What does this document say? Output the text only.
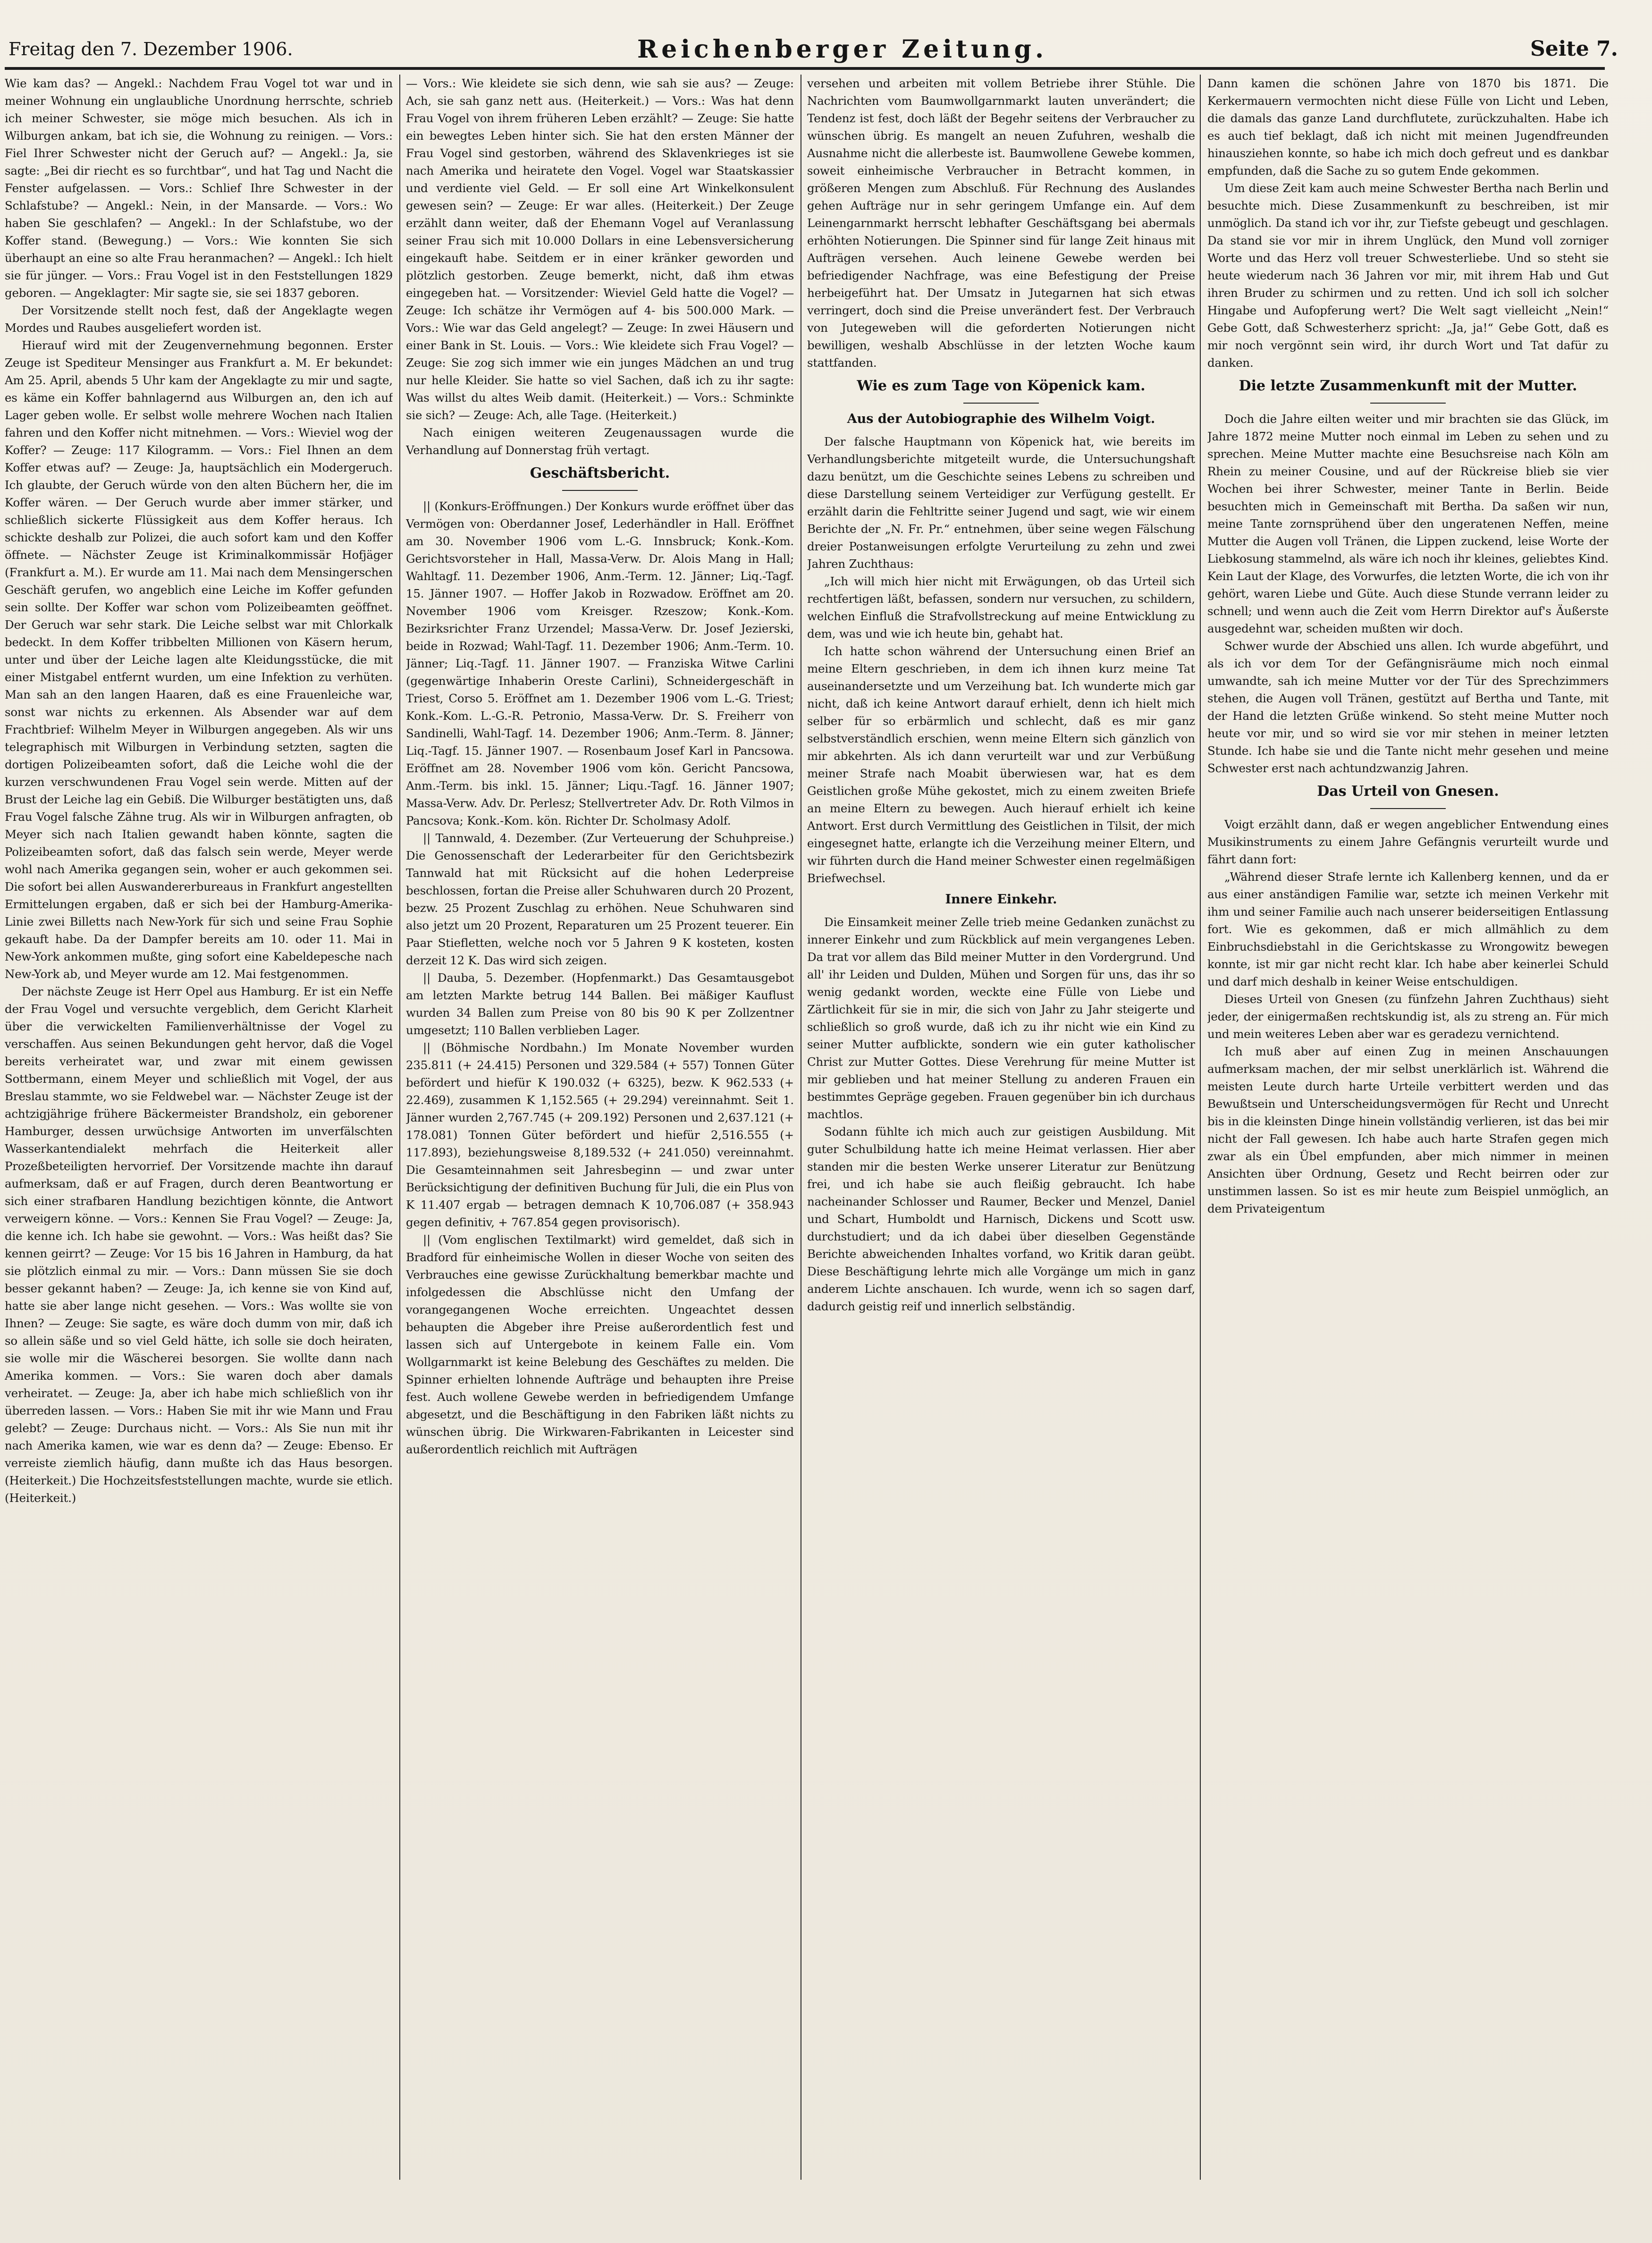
Freitag den 7. Dezember 1906.	Reichenberger Zeitung.	Seite 7.

Wie kam das? — Angekl.: Nachdem Frau Vogel tot war und in meiner Wohnung ein unglaubliche Unordnung herrschte, schrieb ich meiner Schwester, sie möge mich besuchen. Als ich in Wilburgen ankam, bat ich sie, die Wohnung zu reinigen. — Vors.: Fiel Ihrer Schwester nicht der Geruch auf? — Angekl.: Ja, sie sagte: „Bei dir riecht es so furchtbar“, und hat Tag und Nacht die Fenster aufgelassen. — Vors.: Schlief Ihre Schwester in der Schlafstube? — Angekl.: Nein, in der Mansarde. — Vors.: Wo haben Sie geschlafen? — Angekl.: In der Schlafstube, wo der Koffer stand. (Bewegung.) — Vors.: Wie konnten Sie sich überhaupt an eine so alte Frau heranmachen? — Angekl.: Ich hielt sie für jünger. — Vors.: Frau Vogel ist in den Feststellungen 1829 geboren. — Angeklagter: Mir sagte sie, sie sei 1837 geboren.

Der Vorsitzende stellt noch fest, daß der Angeklagte wegen Mordes und Raubes ausgeliefert worden ist.

Hierauf wird mit der Zeugenvernehmung begonnen. Erster Zeuge ist Spediteur Mensinger aus Frankfurt a. M. Er bekundet: Am 25. April, abends 5 Uhr kam der Angeklagte zu mir und sagte, es käme ein Koffer bahnlagernd aus Wilburgen an, den ich auf Lager geben wolle. Er selbst wolle mehrere Wochen nach Italien fahren und den Koffer nicht mitnehmen. — Vors.: Wieviel wog der Koffer? — Zeuge: 117 Kilogramm. — Vors.: Fiel Ihnen an dem Koffer etwas auf? — Zeuge: Ja, hauptsächlich ein Modergeruch. Ich glaubte, der Geruch würde von den alten Büchern her, die im Koffer wären. — Der Geruch wurde aber immer stärker, und schließlich sickerte Flüssigkeit aus dem Koffer heraus. Ich schickte deshalb zur Polizei, die auch sofort kam und den Koffer öffnete. — Nächster Zeuge ist Kriminalkommissär Hofjäger (Frankfurt a. M.). Er wurde am 11. Mai nach dem Mensingerschen Geschäft gerufen, wo angeblich eine Leiche im Koffer gefunden sein sollte. Der Koffer war schon vom Polizeibeamten geöffnet. Der Geruch war sehr stark. Die Leiche selbst war mit Chlorkalk bedeckt. In dem Koffer tribbelten Millionen von Käsern herum, unter und über der Leiche lagen alte Kleidungsstücke, die mit einer Mistgabel entfernt wurden, um eine Infektion zu verhüten. Man sah an den langen Haaren, daß es eine Frauenleiche war, sonst war nichts zu erkennen. Als Absender war auf dem Frachtbrief: Wilhelm Meyer in Wilburgen angegeben. Als wir uns telegraphisch mit Wilburgen in Verbindung setzten, sagten die dortigen Polizeibeamten sofort, daß die Leiche wohl die der kurzen verschwundenen Frau Vogel sein werde. Mitten auf der Brust der Leiche lag ein Gebiß. Die Wilburger bestätigten uns, daß Frau Vogel falsche Zähne trug. Als wir in Wilburgen anfragten, ob Meyer sich nach Italien gewandt haben könnte, sagten die Polizeibeamten sofort, daß das falsch sein werde, Meyer werde wohl nach Amerika gegangen sein, woher er auch gekommen sei. Die sofort bei allen Auswandererbureaus in Frankfurt angestellten Ermittelungen ergaben, daß er sich bei der Hamburg-Amerika-Linie zwei Billetts nach New-York für sich und seine Frau Sophie gekauft habe. Da der Dampfer bereits am 10. oder 11. Mai in New-York ankommen mußte, ging sofort eine Kabeldepesche nach New-York ab, und Meyer wurde am 12. Mai festgenommen.

Der nächste Zeuge ist Herr Opel aus Hamburg. Er ist ein Neffe der Frau Vogel und versuchte vergeblich, dem Gericht Klarheit über die verwickelten Familienverhältnisse der Vogel zu verschaffen. Aus seinen Bekundungen geht hervor, daß die Vogel bereits verheiratet war, und zwar mit einem gewissen Sottbermann, einem Meyer und schließlich mit Vogel, der aus Breslau stammte, wo sie Feldwebel war. — Nächster Zeuge ist der achtzigjährige frühere Bäckermeister Brandsholz, ein geborener Hamburger, dessen urwüchsige Antworten im unverfälschten Wasserkantendialekt mehrfach die Heiterkeit aller Prozeßbeteiligten hervorrief. Der Vorsitzende machte ihn darauf aufmerksam, daß er auf Fragen, durch deren Beantwortung er sich einer strafbaren Handlung bezichtigen könnte, die Antwort verweigern könne. — Vors.: Kennen Sie Frau Vogel? — Zeuge: Ja, die kenne ich. Ich habe sie gewohnt. — Vors.: Was heißt das? Sie kennen geirrt? — Zeuge: Vor 15 bis 16 Jahren in Hamburg, da hat sie plötzlich einmal zu mir. — Vors.: Dann müssen Sie sie doch besser gekannt haben? — Zeuge: Ja, ich kenne sie von Kind auf, hatte sie aber lange nicht gesehen. — Vors.: Was wollte sie von Ihnen? — Zeuge: Sie sagte, es wäre doch dumm von mir, daß ich so allein säße und so viel Geld hätte, ich solle sie doch heiraten, sie wolle mir die Wäscherei besorgen. Sie wollte dann nach Amerika kommen. — Vors.: Sie waren doch aber damals verheiratet. — Zeuge: Ja, aber ich habe mich schließlich von ihr überreden lassen. — Vors.: Haben Sie mit ihr wie Mann und Frau gelebt? — Zeuge: Durchaus nicht. — Vors.: Als Sie nun mit ihr nach Amerika kamen, wie war es denn da? — Zeuge: Ebenso. Er verreiste ziemlich häufig, dann mußte ich das Haus besorgen. (Heiterkeit.) Die Hochzeitsfeststellungen machte, wurde sie etlich. (Heiterkeit.)

— Vors.: Wie kleidete sie sich denn, wie sah sie aus? — Zeuge: Ach, sie sah ganz nett aus. (Heiterkeit.) — Vors.: Was hat denn Frau Vogel von ihrem früheren Leben erzählt? — Zeuge: Sie hatte ein bewegtes Leben hinter sich. Sie hat den ersten Männer der Frau Vogel sind gestorben, während des Sklavenkrieges ist sie nach Amerika und heiratete den Vogel. Vogel war Staatskassier und verdiente viel Geld. — Er soll eine Art Winkelkonsulent gewesen sein? — Zeuge: Er war alles. (Heiterkeit.) Der Zeuge erzählt dann weiter, daß der Ehemann Vogel auf Veranlassung seiner Frau sich mit 10.000 Dollars in eine Lebensversicherung eingekauft habe. Seitdem er in einer kränker geworden und plötzlich gestorben. Zeuge bemerkt, nicht, daß ihm etwas eingegeben hat. — Vorsitzender: Wieviel Geld hatte die Vogel? — Zeuge: Ich schätze ihr Vermögen auf 4- bis 500.000 Mark. — Vors.: Wie war das Geld angelegt? — Zeuge: In zwei Häusern und einer Bank in St. Louis. — Vors.: Wie kleidete sich Frau Vogel? — Zeuge: Sie zog sich immer wie ein junges Mädchen an und trug nur helle Kleider. Sie hatte so viel Sachen, daß ich zu ihr sagte: Was willst du altes Weib damit. (Heiterkeit.) — Vors.: Schminkte sie sich? — Zeuge: Ach, alle Tage. (Heiterkeit.)

Nach einigen weiteren Zeugenaussagen wurde die Verhandlung auf Donnerstag früh vertagt.

Geschäftsbericht.

|| (Konkurs-Eröffnungen.) Der Konkurs wurde eröffnet über das Vermögen von: Oberdanner Josef, Lederhändler in Hall. Eröffnet am 30. November 1906 vom L.-G. Innsbruck; Konk.-Kom. Gerichtsvorsteher in Hall, Massa-Verw. Dr. Alois Mang in Hall; Wahltagf. 11. Dezember 1906, Anm.-Term. 12. Jänner; Liq.-Tagf. 15. Jänner 1907. — Hoffer Jakob in Rozwadow. Eröffnet am 20. November 1906 vom Kreisger. Rzeszow; Konk.-Kom. Bezirksrichter Franz Urzendel; Massa-Verw. Dr. Josef Jezierski, beide in Rozwad; Wahl-Tagf. 11. Dezember 1906; Anm.-Term. 10. Jänner; Liq.-Tagf. 11. Jänner 1907. — Franziska Witwe Carlini (gegenwärtige Inhaberin Oreste Carlini), Schneidergeschäft in Triest, Corso 5. Eröffnet am 1. Dezember 1906 vom L.-G. Triest; Konk.-Kom. L.-G.-R. Petronio, Massa-Verw. Dr. S. Freiherr von Sandinelli, Wahl-Tagf. 14. Dezember 1906; Anm.-Term. 8. Jänner; Liq.-Tagf. 15. Jänner 1907. — Rosenbaum Josef Karl in Pancsowa. Eröffnet am 28. November 1906 vom kön. Gericht Pancsowa, Anm.-Term. bis inkl. 15. Jänner; Liqu.-Tagf. 16. Jänner 1907; Massa-Verw. Adv. Dr. Perlesz; Stellvertreter Adv. Dr. Roth Vilmos in Pancsova; Konk.-Kom. kön. Richter Dr. Scholmasy Adolf.

|| Tannwald, 4. Dezember. (Zur Verteuerung der Schuhpreise.) Die Genossenschaft der Lederarbeiter für den Gerichtsbezirk Tannwald hat mit Rücksicht auf die hohen Lederpreise beschlossen, fortan die Preise aller Schuhwaren durch 20 Prozent, bezw. 25 Prozent Zuschlag zu erhöhen. Neue Schuhwaren sind also jetzt um 20 Prozent, Reparaturen um 25 Prozent teuerer. Ein Paar Stiefletten, welche noch vor 5 Jahren 9 K kosteten, kosten derzeit 12 K. Das wird sich zeigen.

|| Dauba, 5. Dezember. (Hopfenmarkt.) Das Gesamtausgebot am letzten Markte betrug 144 Ballen. Bei mäßiger Kauflust wurden 34 Ballen zum Preise von 80 bis 90 K per Zollzentner umgesetzt; 110 Ballen verblieben Lager.

|| (Böhmische Nordbahn.) Im Monate November wurden 235.811 (+ 24.415) Personen und 329.584 (+ 557) Tonnen Güter befördert und hiefür K 190.032 (+ 6325), bezw. K 962.533 (+ 22.469), zusammen K 1,152.565 (+ 29.294) vereinnahmt. Seit 1. Jänner wurden 2,767.745 (+ 209.192) Personen und 2,637.121 (+ 178.081) Tonnen Güter befördert und hiefür 2,516.555 (+ 117.893), beziehungsweise 8,189.532 (+ 241.050) vereinnahmt. Die Gesamteinnahmen seit Jahresbeginn — und zwar unter Berücksichtigung der definitiven Buchung für Juli, die ein Plus von K 11.407 ergab — betragen demnach K 10,706.087 (+ 358.943 gegen definitiv, + 767.854 gegen provisorisch).

|| (Vom englischen Textilmarkt) wird gemeldet, daß sich in Bradford für einheimische Wollen in dieser Woche von seiten des Verbrauches eine gewisse Zurückhaltung bemerkbar machte und infolgedessen die Abschlüsse nicht den Umfang der vorangegangenen Woche erreichten. Ungeachtet dessen behaupten die Abgeber ihre Preise außerordentlich fest und lassen sich auf Untergebote in keinem Falle ein. Vom Wollgarnmarkt ist keine Belebung des Geschäftes zu melden. Die Spinner erhielten lohnende Aufträge und behaupten ihre Preise fest. Auch wollene Gewebe werden in befriedigendem Umfange abgesetzt, und die Beschäftigung in den Fabriken läßt nichts zu wünschen übrig. Die Wirkwaren-Fabrikanten in Leicester sind außerordentlich reichlich mit Aufträgen

versehen und arbeiten mit vollem Betriebe ihrer Stühle. Die Nachrichten vom Baumwollgarnmarkt lauten unverändert; die Tendenz ist fest, doch läßt der Begehr seitens der Verbraucher zu wünschen übrig. Es mangelt an neuen Zufuhren, weshalb die Ausnahme nicht die allerbeste ist. Baumwollene Gewebe kommen, soweit einheimische Verbraucher in Betracht kommen, in größeren Mengen zum Abschluß. Für Rechnung des Auslandes gehen Aufträge nur in sehr geringem Umfange ein. Auf dem Leinengarnmarkt herrscht lebhafter Geschäftsgang bei abermals erhöhten Notierungen. Die Spinner sind für lange Zeit hinaus mit Aufträgen versehen. Auch leinene Gewebe werden bei befriedigender Nachfrage, was eine Befestigung der Preise herbeigeführt hat. Der Umsatz in Jutegarnen hat sich etwas verringert, doch sind die Preise unverändert fest. Der Verbrauch von Jutegeweben will die geforderten Notierungen nicht bewilligen, weshalb Abschlüsse in der letzten Woche kaum stattfanden.

Wie es zum Tage von Köpenick kam.
Aus der Autobiographie des Wilhelm Voigt.

Der falsche Hauptmann von Köpenick hat, wie bereits im Verhandlungsberichte mitgeteilt wurde, die Untersuchungshaft dazu benützt, um die Geschichte seines Lebens zu schreiben und diese Darstellung seinem Verteidiger zur Verfügung gestellt. Er erzählt darin die Fehltritte seiner Jugend und sagt, wie wir einem Berichte der „N. Fr. Pr.“ entnehmen, über seine wegen Fälschung dreier Postanweisungen erfolgte Verurteilung zu zehn und zwei Jahren Zuchthaus:

„Ich will mich hier nicht mit Erwägungen, ob das Urteil sich rechtfertigen läßt, befassen, sondern nur versuchen, zu schildern, welchen Einfluß die Strafvollstreckung auf meine Entwicklung zu dem, was und wie ich heute bin, gehabt hat.

Ich hatte schon während der Untersuchung einen Brief an meine Eltern geschrieben, in dem ich ihnen kurz meine Tat auseinandersetzte und um Verzeihung bat. Ich wunderte mich gar nicht, daß ich keine Antwort darauf erhielt, denn ich hielt mich selber für so erbärmlich und schlecht, daß es mir ganz selbstverständlich erschien, wenn meine Eltern sich gänzlich von mir abkehrten. Als ich dann verurteilt war und zur Verbüßung meiner Strafe nach Moabit überwiesen war, hat es dem Geistlichen große Mühe gekostet, mich zu einem zweiten Briefe an meine Eltern zu bewegen. Auch hierauf erhielt ich keine Antwort. Erst durch Vermittlung des Geistlichen in Tilsit, der mich eingesegnet hatte, erlangte ich die Verzeihung meiner Eltern, und wir führten durch die Hand meiner Schwester einen regelmäßigen Briefwechsel.

Innere Einkehr.

Die Einsamkeit meiner Zelle trieb meine Gedanken zunächst zu innerer Einkehr und zum Rückblick auf mein vergangenes Leben. Da trat vor allem das Bild meiner Mutter in den Vordergrund. Und all' ihr Leiden und Dulden, Mühen und Sorgen für uns, das ihr so wenig gedankt worden, weckte eine Fülle von Liebe und Zärtlichkeit für sie in mir, die sich von Jahr zu Jahr steigerte und schließlich so groß wurde, daß ich zu ihr nicht wie ein Kind zu seiner Mutter aufblickte, sondern wie ein guter katholischer Christ zur Mutter Gottes. Diese Verehrung für meine Mutter ist mir geblieben und hat meiner Stellung zu anderen Frauen ein bestimmtes Gepräge gegeben. Frauen gegenüber bin ich durchaus machtlos.

Sodann fühlte ich mich auch zur geistigen Ausbildung. Mit guter Schulbildung hatte ich meine Heimat verlassen. Hier aber standen mir die besten Werke unserer Literatur zur Benützung frei, und ich habe sie auch fleißig gebraucht. Ich habe nacheinander Schlosser und Raumer, Becker und Menzel, Daniel und Schart, Humboldt und Harnisch, Dickens und Scott usw. durchstudiert; und da ich dabei über dieselben Gegenstände Berichte abweichenden Inhaltes vorfand, wo Kritik daran geübt. Diese Beschäftigung lehrte mich alle Vorgänge um mich in ganz anderem Lichte anschauen. Ich wurde, wenn ich so sagen darf, dadurch geistig reif und innerlich selbständig.

Dann kamen die schönen Jahre von 1870 bis 1871. Die Kerkermauern vermochten nicht diese Fülle von Licht und Leben, die damals das ganze Land durchflutete, zurückzuhalten. Habe ich es auch tief beklagt, daß ich nicht mit meinen Jugendfreunden hinausziehen konnte, so habe ich mich doch gefreut und es dankbar empfunden, daß die Sache zu so gutem Ende gekommen.

Um diese Zeit kam auch meine Schwester Bertha nach Berlin und besuchte mich. Diese Zusammenkunft zu beschreiben, ist mir unmöglich. Da stand ich vor ihr, zur Tiefste gebeugt und geschlagen. Da stand sie vor mir in ihrem Unglück, den Mund voll zorniger Worte und das Herz voll treuer Schwesterliebe. Und so steht sie heute wiederum nach 36 Jahren vor mir, mit ihrem Hab und Gut ihren Bruder zu schirmen und zu retten. Und ich soll ich solcher Hingabe und Aufopferung wert? Die Welt sagt vielleicht „Nein!“ Gebe Gott, daß Schwesterherz spricht: „Ja, ja!“ Gebe Gott, daß es mir noch vergönnt sein wird, ihr durch Wort und Tat dafür zu danken.

Die letzte Zusammenkunft mit der Mutter.

Doch die Jahre eilten weiter und mir brachten sie das Glück, im Jahre 1872 meine Mutter noch einmal im Leben zu sehen und zu sprechen. Meine Mutter machte eine Besuchsreise nach Köln am Rhein zu meiner Cousine, und auf der Rückreise blieb sie vier Wochen bei ihrer Schwester, meiner Tante in Berlin. Beide besuchten mich in Gemeinschaft mit Bertha. Da saßen wir nun, meine Tante zornsprühend über den ungeratenen Neffen, meine Mutter die Augen voll Tränen, die Lippen zuckend, leise Worte der Liebkosung stammelnd, als wäre ich noch ihr kleines, geliebtes Kind. Kein Laut der Klage, des Vorwurfes, die letzten Worte, die ich von ihr gehört, waren Liebe und Güte. Auch diese Stunde verrann leider zu schnell; und wenn auch die Zeit vom Herrn Direktor auf's Äußerste ausgedehnt war, scheiden mußten wir doch.

Schwer wurde der Abschied uns allen. Ich wurde abgeführt, und als ich vor dem Tor der Gefängnisräume mich noch einmal umwandte, sah ich meine Mutter vor der Tür des Sprechzimmers stehen, die Augen voll Tränen, gestützt auf Bertha und Tante, mit der Hand die letzten Grüße winkend. So steht meine Mutter noch heute vor mir, und so wird sie vor mir stehen in meiner letzten Stunde. Ich habe sie und die Tante nicht mehr gesehen und meine Schwester erst nach achtundzwanzig Jahren.

Das Urteil von Gnesen.

Voigt erzählt dann, daß er wegen angeblicher Entwendung eines Musikinstruments zu einem Jahre Gefängnis verurteilt wurde und fährt dann fort:

„Während dieser Strafe lernte ich Kallenberg kennen, und da er aus einer anständigen Familie war, setzte ich meinen Verkehr mit ihm und seiner Familie auch nach unserer beiderseitigen Entlassung fort. Wie es gekommen, daß er mich allmählich zu dem Einbruchsdiebstahl in die Gerichtskasse zu Wrongowitz bewegen konnte, ist mir gar nicht recht klar. Ich habe aber keinerlei Schuld und darf mich deshalb in keiner Weise entschuldigen.

Dieses Urteil von Gnesen (zu fünfzehn Jahren Zuchthaus) sieht jeder, der einigermaßen rechtskundig ist, als zu streng an. Für mich und mein weiteres Leben aber war es geradezu vernichtend.

Ich muß aber auf einen Zug in meinen Anschauungen aufmerksam machen, der mir selbst unerklärlich ist. Während die meisten Leute durch harte Urteile verbittert werden und das Bewußtsein und Unterscheidungsvermögen für Recht und Unrecht bis in die kleinsten Dinge hinein vollständig verlieren, ist das bei mir nicht der Fall gewesen. Ich habe auch harte Strafen gegen mich zwar als ein Übel empfunden, aber mich nimmer in meinen Ansichten über Ordnung, Gesetz und Recht beirren oder zur unstimmen lassen. So ist es mir heute zum Beispiel unmöglich, an dem Privateigentum
